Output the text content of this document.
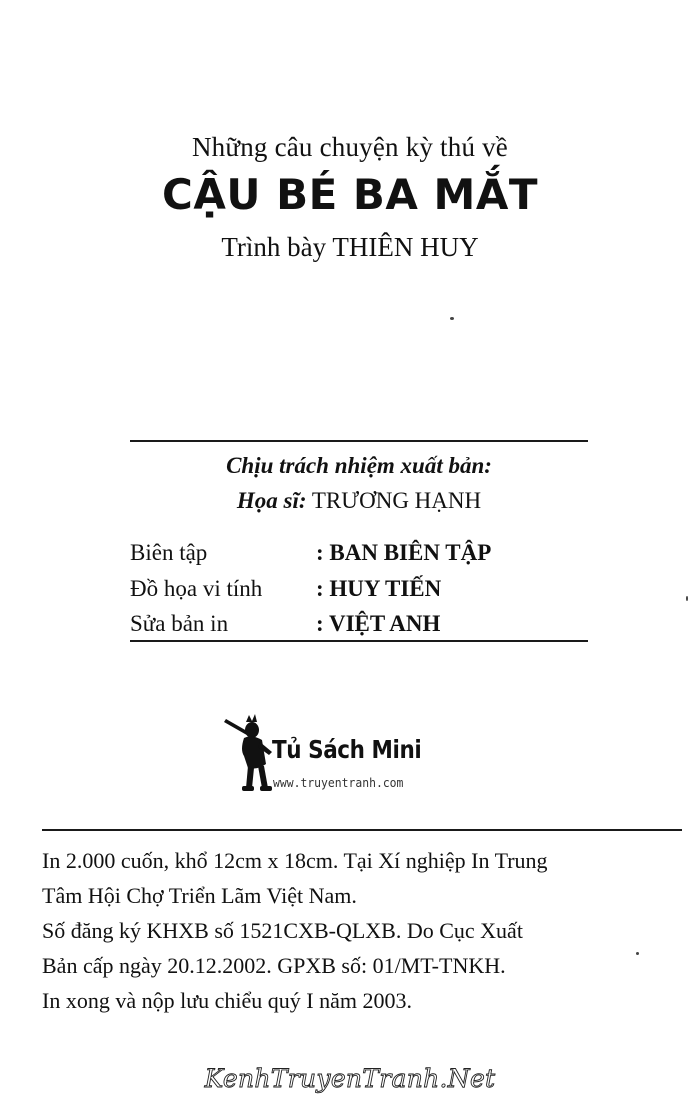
Những câu chuyện kỳ thú về
CẬU BÉ BA MẮT
Trình bày THIÊN HUY
Chịu trách nhiệm xuất bản:
Họa sĩ: TRƯƠNG HẠNH
Biên tập	: BAN BIÊN TẬP
Đồ họa vi tính : HUY TIẾN
Sửa bản in	: VIỆT ANH
Tủ Sách Mini
www.truyentranh.com
In 2.000 cuốn, khổ 12cm x 18cm. Tại Xí nghiệp In Trung
Tâm Hội Chợ Triển Lãm Việt Nam.
Số đăng ký KHXB số 1521CXB-QLXB. Do Cục Xuất
Bản cấp ngày 20.12.2002. GPXB số: 01/MT-TNKH.
In xong và nộp lưu chiểu quý I năm 2003.
KenhTruyenTranh.Net
